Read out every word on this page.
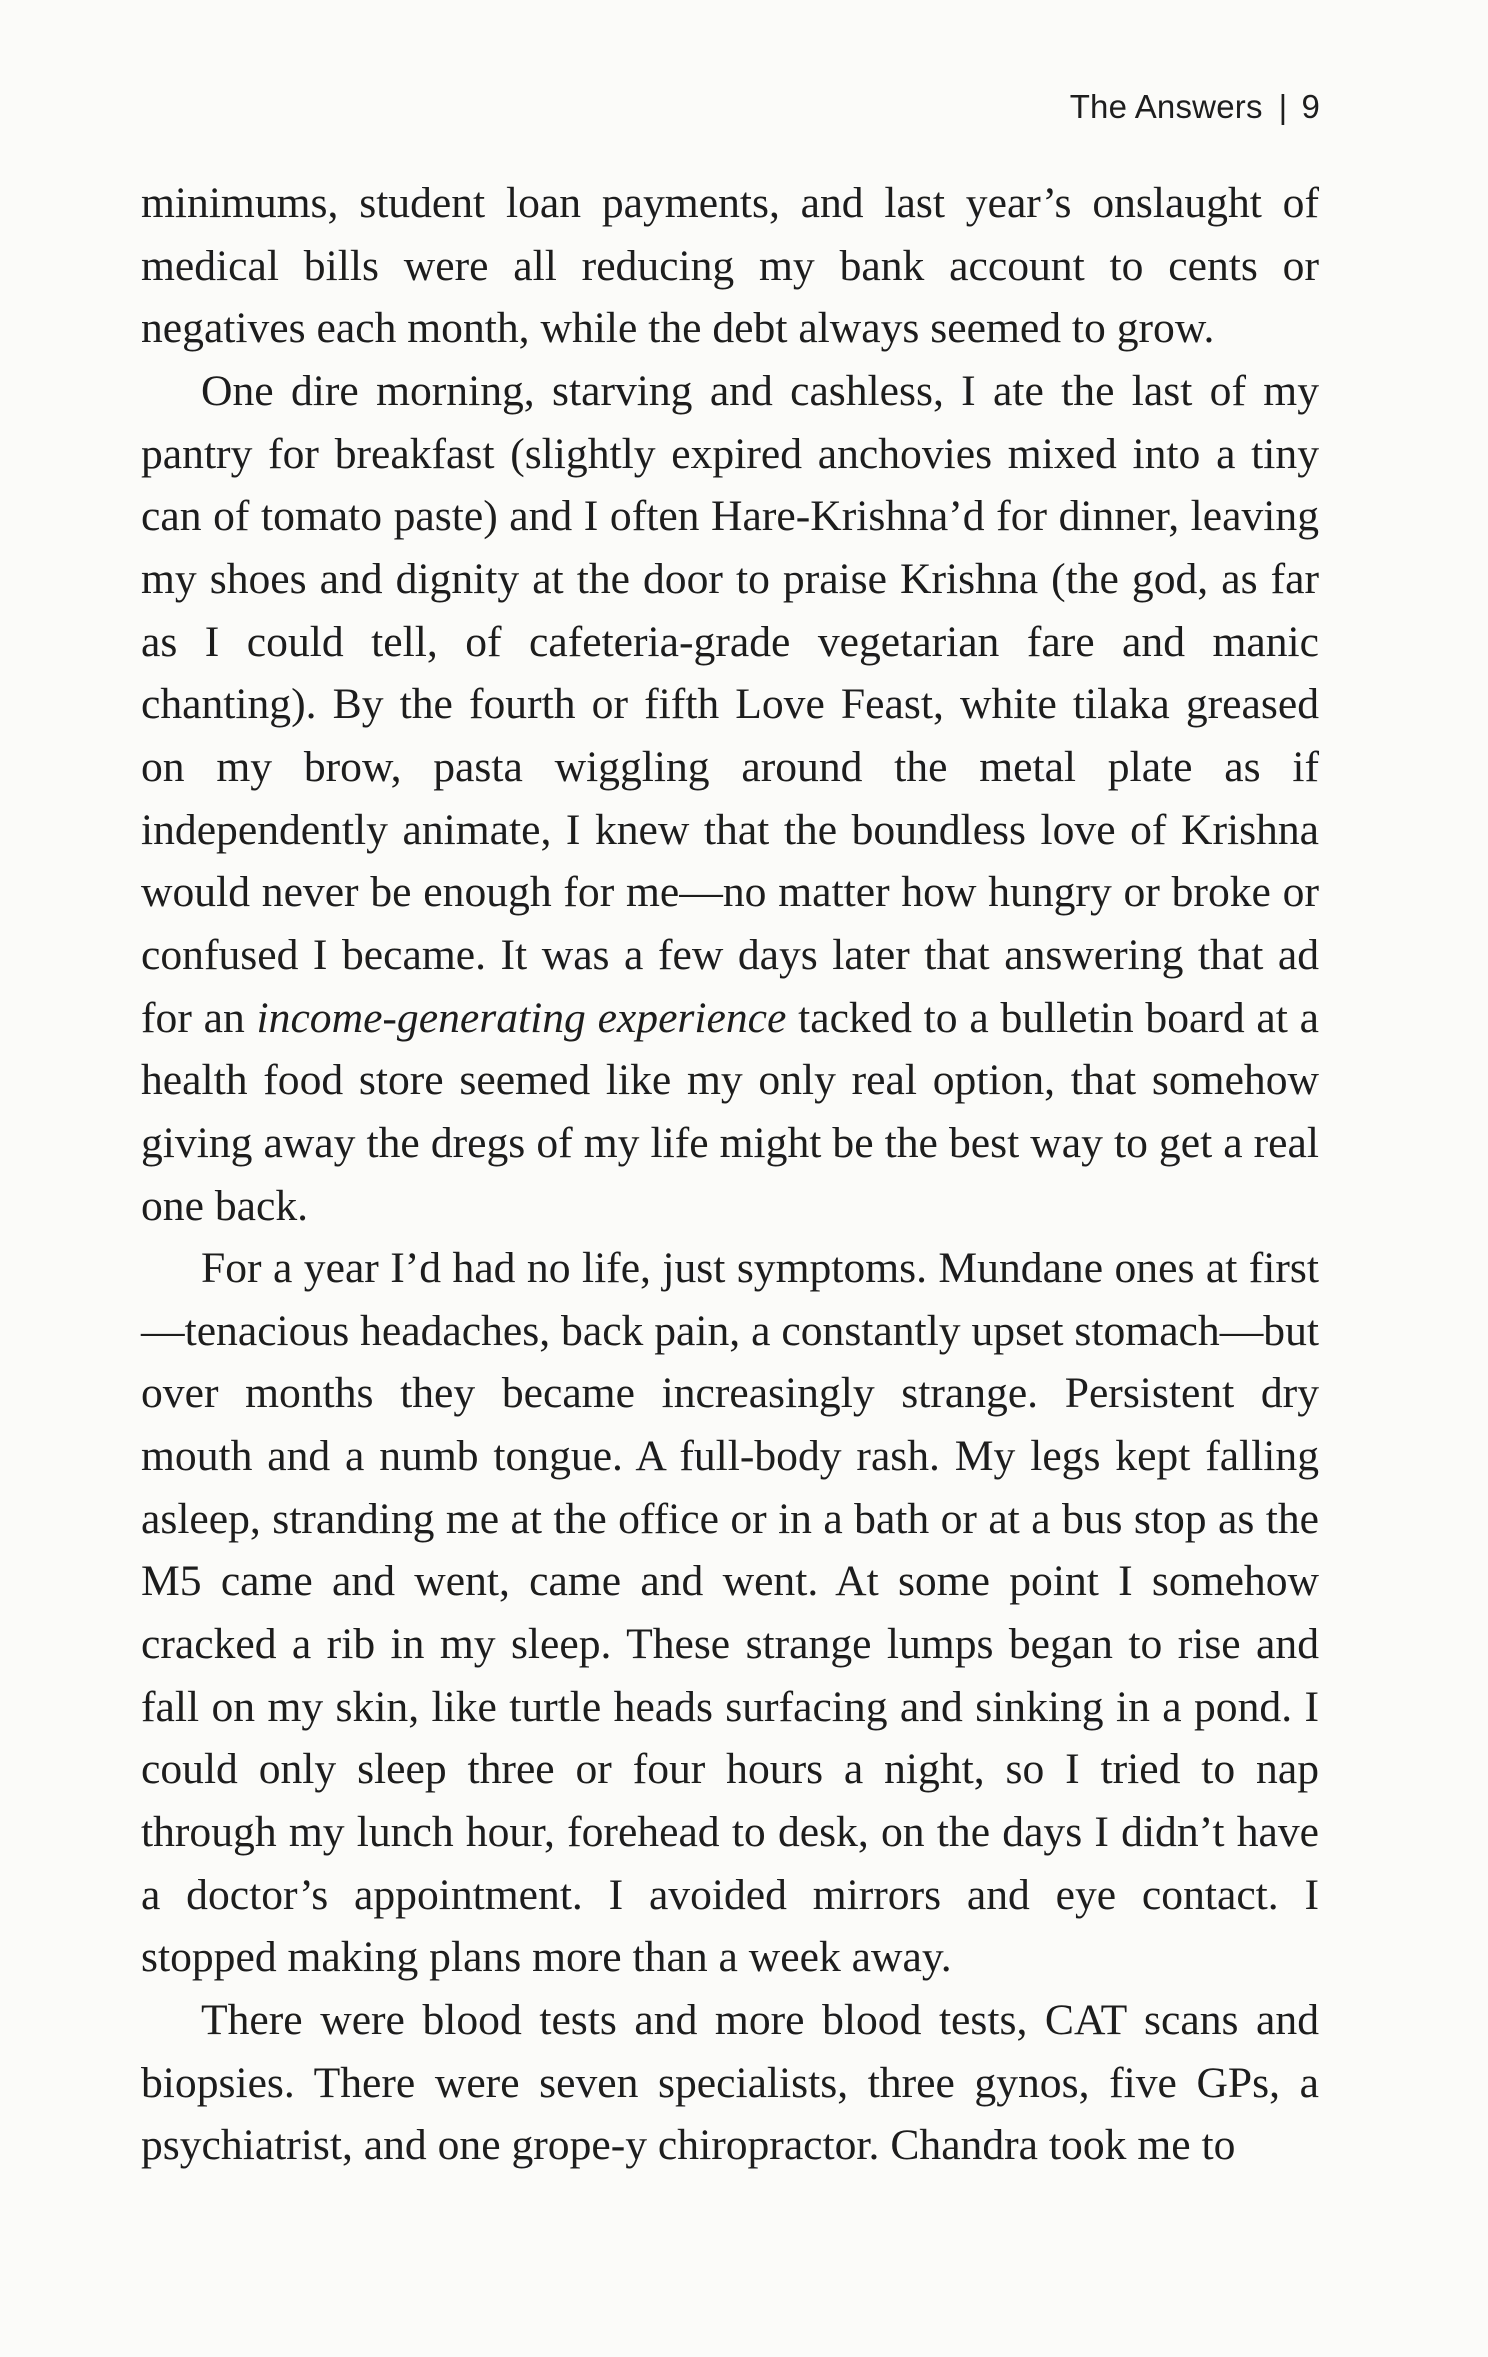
The Answers | 9

minimums, student loan payments, and last year’s onslaught of medical bills were all reducing my bank account to cents or negatives each month, while the debt always seemed to grow.

One dire morning, starving and cashless, I ate the last of my pantry for breakfast (slightly expired anchovies mixed into a tiny can of tomato paste) and I often Hare-Krishna’d for dinner, leaving my shoes and dignity at the door to praise Krishna (the god, as far as I could tell, of cafeteria-grade vegetarian fare and manic chanting). By the fourth or fifth Love Feast, white tilaka greased on my brow, pasta wiggling around the metal plate as if independently animate, I knew that the boundless love of Krishna would never be enough for me—no matter how hungry or broke or confused I became. It was a few days later that answering that ad for an income-generating experience tacked to a bulletin board at a health food store seemed like my only real option, that somehow giving away the dregs of my life might be the best way to get a real one back.

For a year I’d had no life, just symptoms. Mundane ones at first—tenacious headaches, back pain, a constantly upset stomach—but over months they became increasingly strange. Persistent dry mouth and a numb tongue. A full-body rash. My legs kept falling asleep, stranding me at the office or in a bath or at a bus stop as the M5 came and went, came and went. At some point I somehow cracked a rib in my sleep. These strange lumps began to rise and fall on my skin, like turtle heads surfacing and sinking in a pond. I could only sleep three or four hours a night, so I tried to nap through my lunch hour, forehead to desk, on the days I didn’t have a doctor’s appointment. I avoided mirrors and eye contact. I stopped making plans more than a week away.

There were blood tests and more blood tests, CAT scans and biopsies. There were seven specialists, three gynos, five GPs, a psychiatrist, and one grope-y chiropractor. Chandra took me to
